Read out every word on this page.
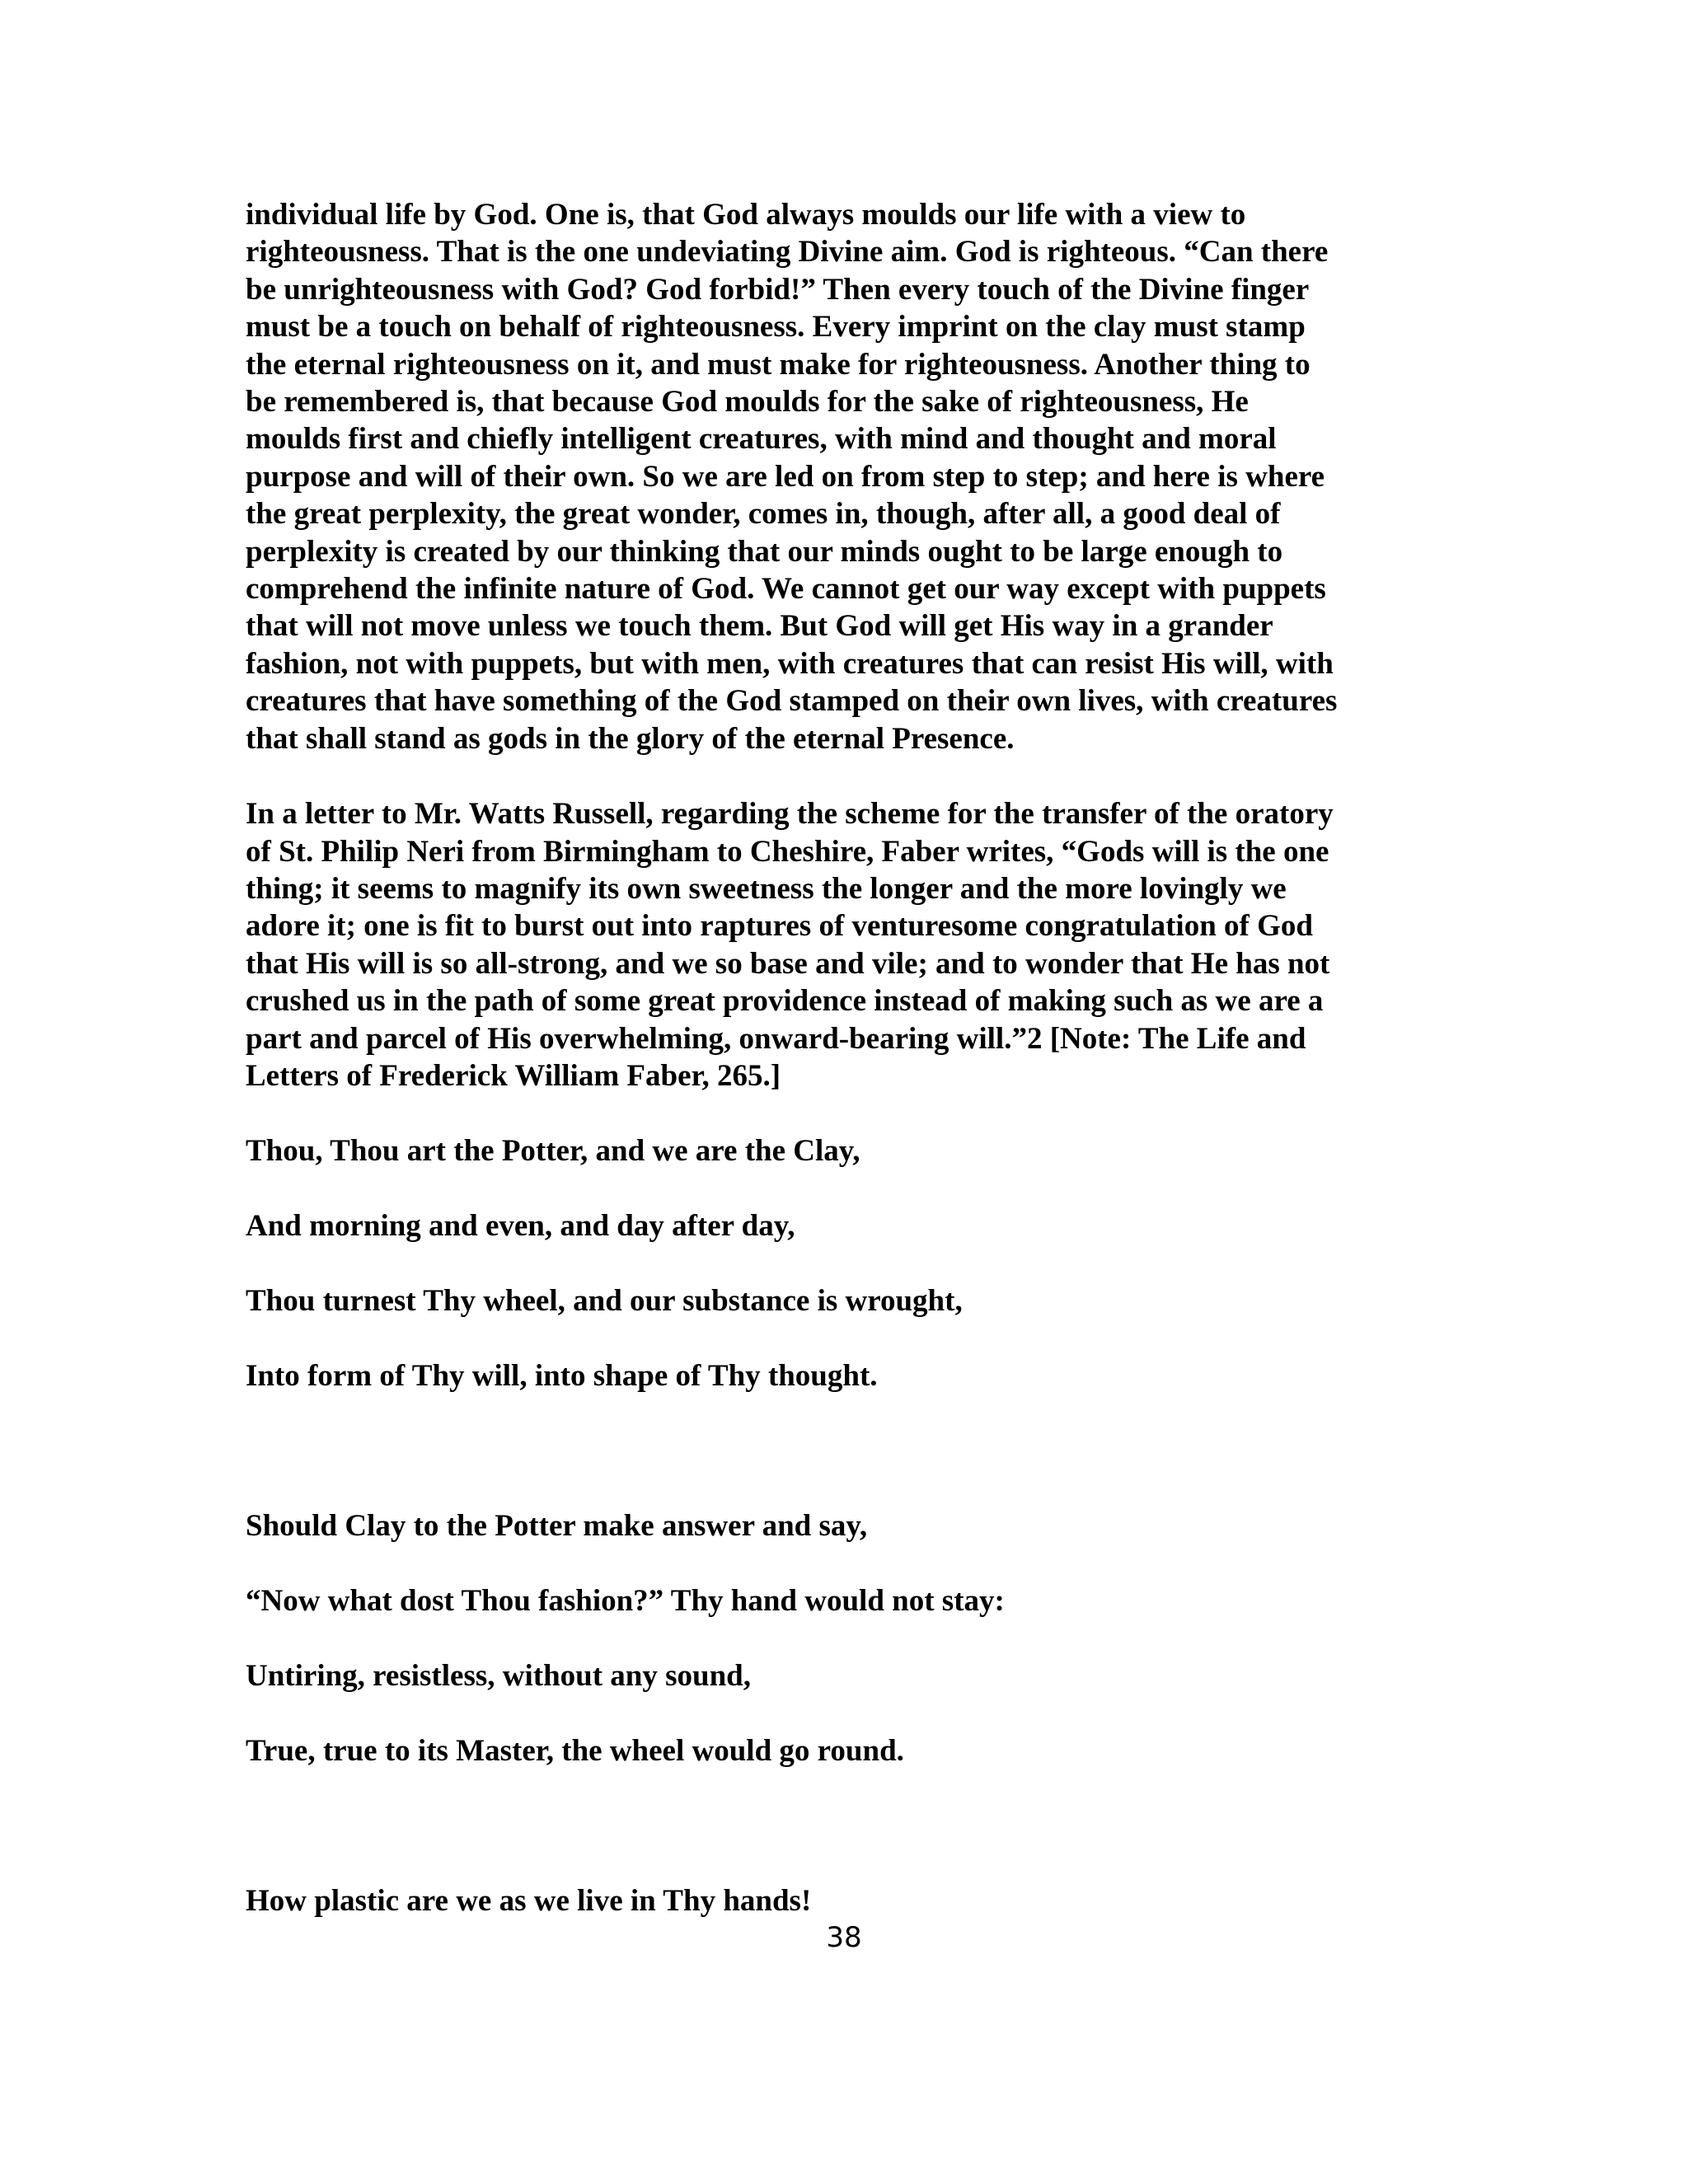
individual life by God. One is, that God always moulds our life with a view to
righteousness. That is the one undeviating Divine aim. God is righteous. “Can there
be unrighteousness with God? God forbid!” Then every touch of the Divine finger
must be a touch on behalf of righteousness. Every imprint on the clay must stamp
the eternal righteousness on it, and must make for righteousness. Another thing to
be remembered is, that because God moulds for the sake of righteousness, He
moulds first and chiefly intelligent creatures, with mind and thought and moral
purpose and will of their own. So we are led on from step to step; and here is where
the great perplexity, the great wonder, comes in, though, after all, a good deal of
perplexity is created by our thinking that our minds ought to be large enough to
comprehend the infinite nature of God. We cannot get our way except with puppets
that will not move unless we touch them. But God will get His way in a grander
fashion, not with puppets, but with men, with creatures that can resist His will, with
creatures that have something of the God stamped on their own lives, with creatures
that shall stand as gods in the glory of the eternal Presence.
In a letter to Mr. Watts Russell, regarding the scheme for the transfer of the oratory
of St. Philip Neri from Birmingham to Cheshire, Faber writes, “Gods will is the one
thing; it seems to magnify its own sweetness the longer and the more lovingly we
adore it; one is fit to burst out into raptures of venturesome congratulation of God
that His will is so all-strong, and we so base and vile; and to wonder that He has not
crushed us in the path of some great providence instead of making such as we are a
part and parcel of His overwhelming, onward-bearing will.”2 [Note: The Life and
Letters of Frederick William Faber, 265.]

Thou, Thou art the Potter, and we are the Clay,

And morning and even, and day after day,

Thou turnest Thy wheel, and our substance is wrought,

Into form of Thy will, into shape of Thy thought.

Should Clay to the Potter make answer and say,

“Now what dost Thou fashion?” Thy hand would not stay:

Untiring, resistless, without any sound,

True, true to its Master, the wheel would go round.

How plastic are we as we live in Thy hands!

38
